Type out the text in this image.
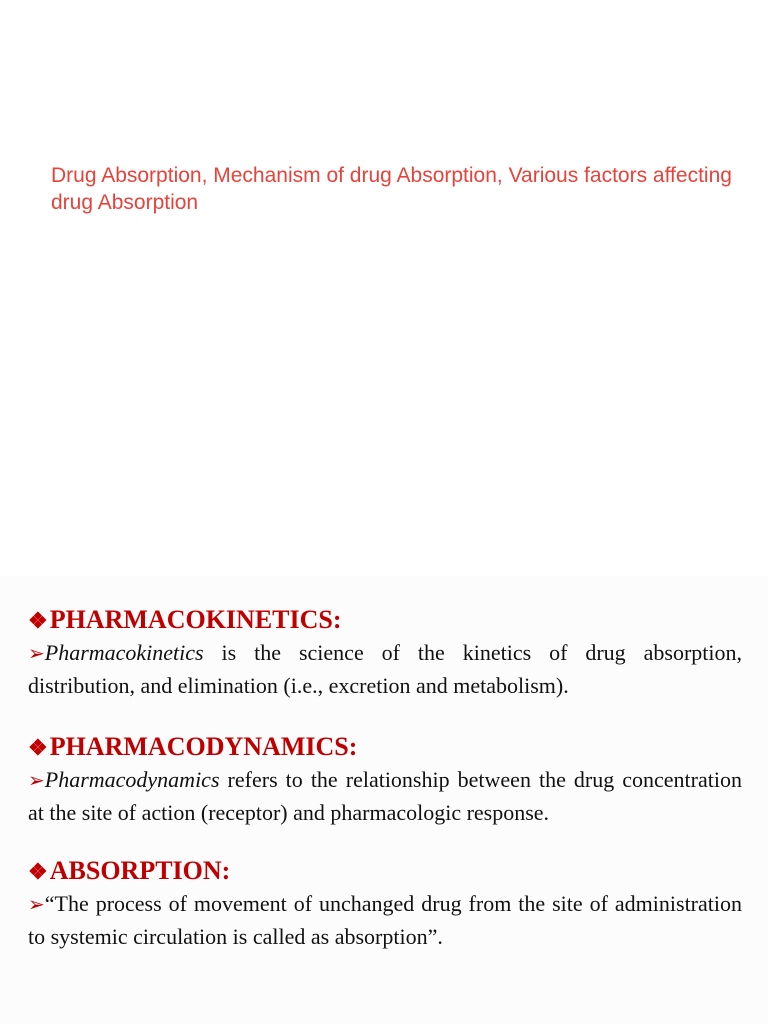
Drug Absorption, Mechanism of drug Absorption, Various factors affecting drug Absorption

❖PHARMACOKINETICS:

➢Pharmacokinetics is the science of the kinetics of drug absorption, distribution, and elimination (i.e., excretion and metabolism).

❖PHARMACODYNAMICS:

➢Pharmacodynamics refers to the relationship between the drug concentration at the site of action (receptor) and pharmacologic response.

❖ABSORPTION:

➢“The process of movement of unchanged drug from the site of administration to systemic circulation is called as absorption”.
